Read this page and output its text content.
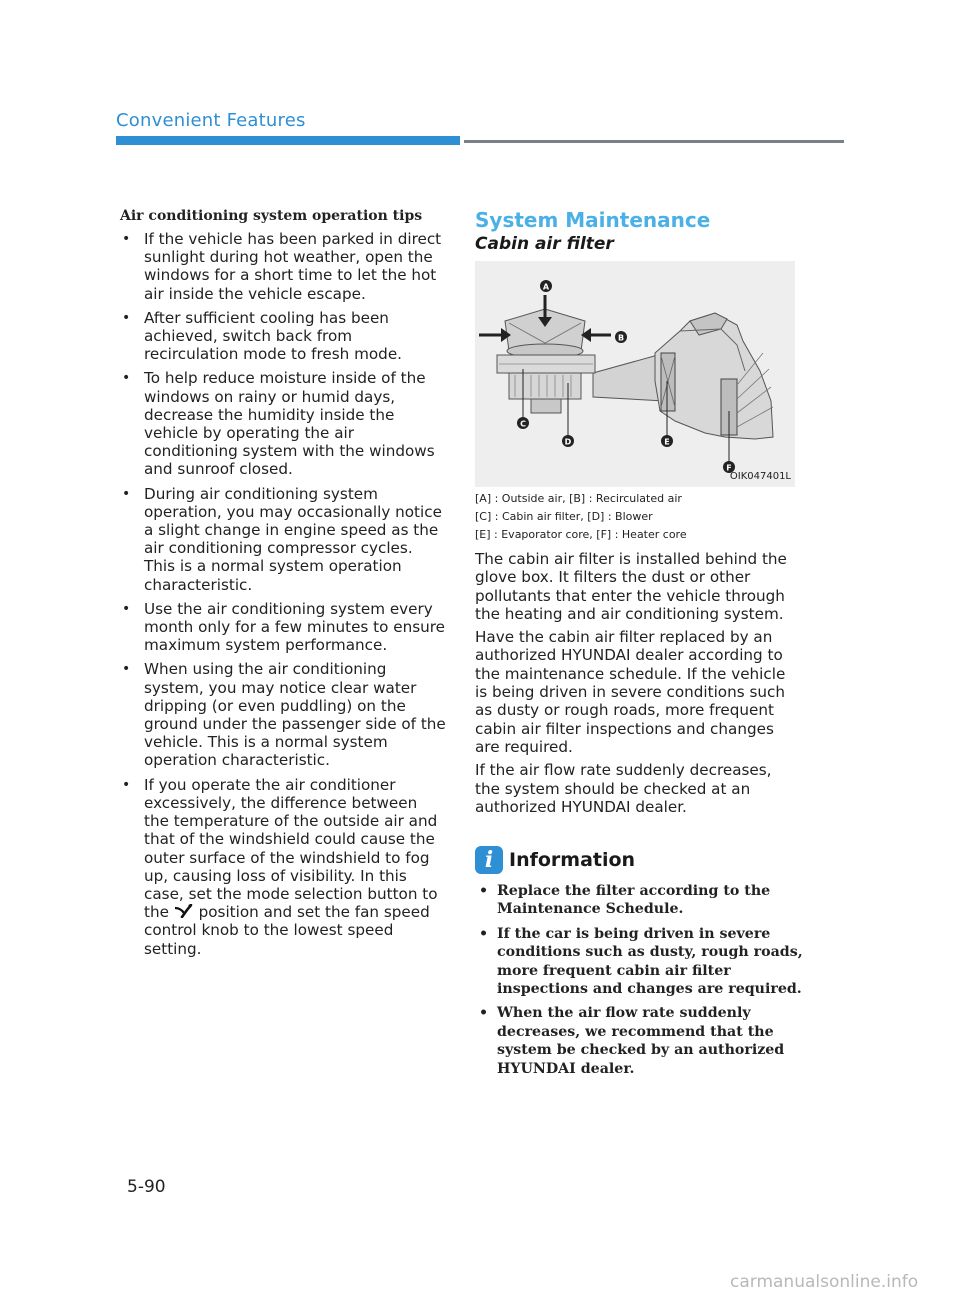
Convenient Features
Air conditioning system operation tips
• If the vehicle has been parked in direct sunlight during hot weather, open the windows for a short time to let the hot air inside the vehicle escape.
• After sufficient cooling has been achieved, switch back from recirculation mode to fresh mode.
• To help reduce moisture inside of the windows on rainy or humid days, decrease the humidity inside the vehicle by operating the air conditioning system with the windows and sunroof closed.
• During air conditioning system operation, you may occasionally notice a slight change in engine speed as the air conditioning compressor cycles. This is a normal system operation characteristic.
• Use the air conditioning system every month only for a few minutes to ensure maximum system performance.
• When using the air conditioning system, you may notice clear water dripping (or even puddling) on the ground under the passenger side of the vehicle. This is a normal system operation characteristic.
• If you operate the air conditioner excessively, the difference between the temperature of the outside air and that of the windshield could cause the outer surface of the windshield to fog up, causing loss of visibility. In this case, set the mode selection button to the position and set the fan speed control knob to the lowest speed setting.
System Maintenance
Cabin air filter
A
B
C
D	E
F
OIK047401L
[A] : Outside air, [B] : Recirculated air
[C] : Cabin air filter, [D] : Blower
[E] : Evaporator core, [F] : Heater core

The cabin air filter is installed behind the glove box. It filters the dust or other pollutants that enter the vehicle through the heating and air conditioning system.

Have the cabin air filter replaced by an authorized HYUNDAI dealer according to the maintenance schedule. If the vehicle is being driven in severe conditions such as dusty or rough roads, more frequent cabin air filter inspections and changes are required.

If the air flow rate suddenly decreases, the system should be checked at an authorized HYUNDAI dealer.

i Information
• Replace the filter according to the Maintenance Schedule.
• If the car is being driven in severe conditions such as dusty, rough roads, more frequent cabin air filter inspections and changes are required.
• When the air flow rate suddenly decreases, we recommend that the system be checked by an authorized HYUNDAI dealer.
5-90
carmanualsonline.info
